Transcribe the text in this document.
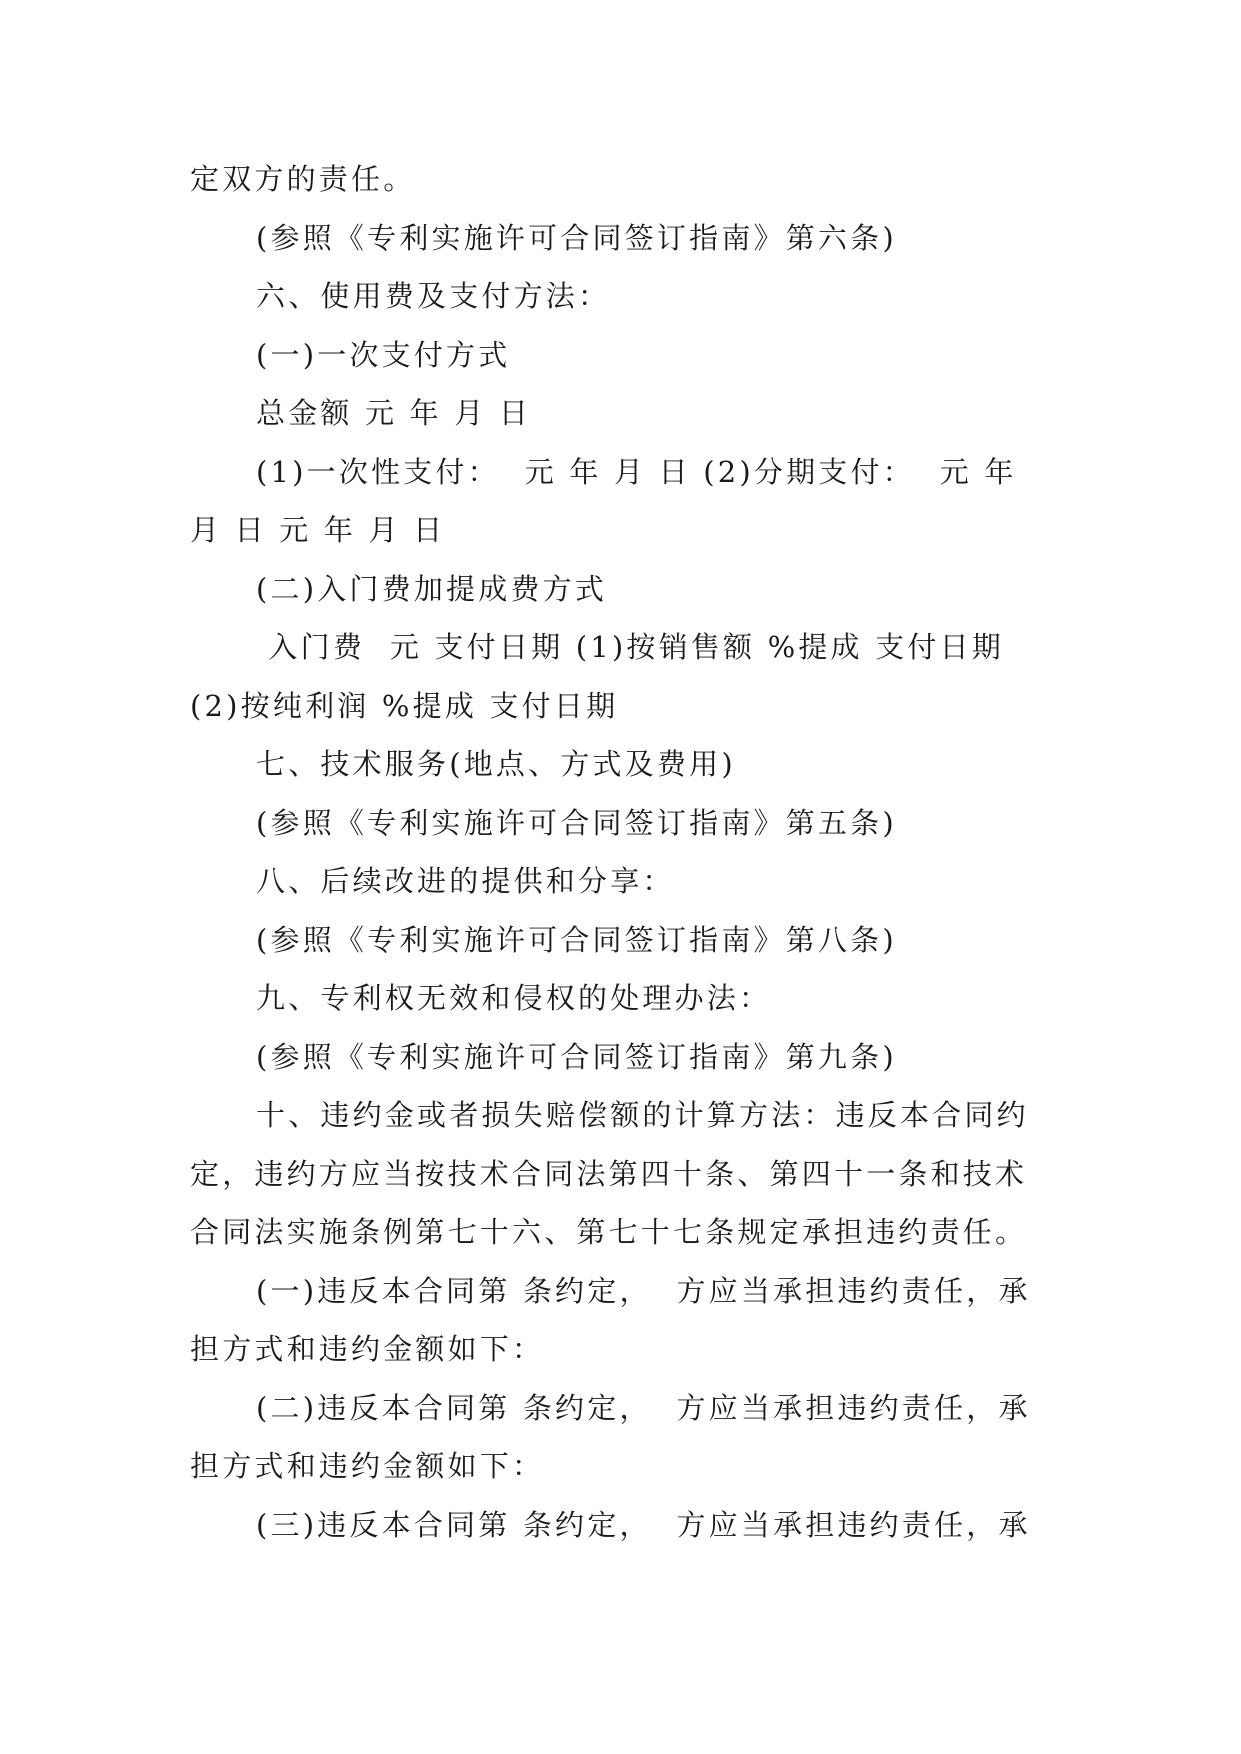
定双方的责任。

(参照《专利实施许可合同签订指南》第六条)

六、使用费及支付方法：

(一)一次支付方式

总金额 元 年 月 日

(1)一次性支付：  元 年 月 日 (2)分期支付：  元 年 月 日 元 年 月 日

(二)入门费加提成费方式

入门费  元 支付日期 (1)按销售额 %提成 支付日期 (2)按纯利润 %提成 支付日期

七、技术服务(地点、方式及费用)

(参照《专利实施许可合同签订指南》第五条)

八、后续改进的提供和分享：

(参照《专利实施许可合同签订指南》第八条)

九、专利权无效和侵权的处理办法：

(参照《专利实施许可合同签订指南》第九条)

十、违约金或者损失赔偿额的计算方法：违反本合同约定，违约方应当按技术合同法第四十条、第四十一条和技术合同法实施条例第七十六、第七十七条规定承担违约责任。

(一)违反本合同第 条约定，  方应当承担违约责任，承担方式和违约金额如下：

(二)违反本合同第 条约定，  方应当承担违约责任，承担方式和违约金额如下：

(三)违反本合同第 条约定，  方应当承担违约责任，承
